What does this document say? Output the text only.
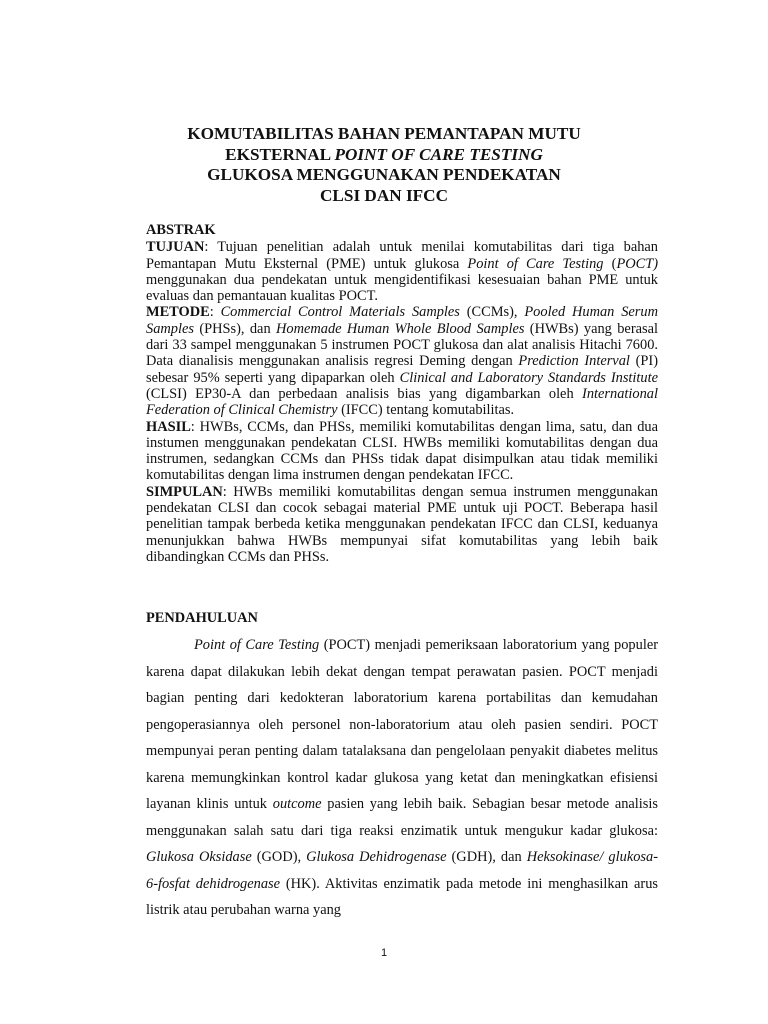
KOMUTABILITAS BAHAN PEMANTAPAN MUTU
EKSTERNAL POINT OF CARE TESTING
GLUKOSA MENGGUNAKAN PENDEKATAN
CLSI DAN IFCC

ABSTRAK

TUJUAN: Tujuan penelitian adalah untuk menilai komutabilitas dari tiga bahan Pemantapan Mutu Eksternal (PME) untuk glukosa Point of Care Testing (POCT) menggunakan dua pendekatan untuk mengidentifikasi kesesuaian bahan PME untuk evaluas dan pemantauan kualitas POCT.

METODE: Commercial Control Materials Samples (CCMs), Pooled Human Serum Samples (PHSs), dan Homemade Human Whole Blood Samples (HWBs) yang berasal dari 33 sampel menggunakan 5 instrumen POCT glukosa dan alat analisis Hitachi 7600. Data dianalisis menggunakan analisis regresi Deming dengan Prediction Interval (PI) sebesar 95% seperti yang dipaparkan oleh Clinical and Laboratory Standards Institute (CLSI) EP30-A dan perbedaan analisis bias yang digambarkan oleh International Federation of Clinical Chemistry (IFCC) tentang komutabilitas.

HASIL: HWBs, CCMs, dan PHSs, memiliki komutabilitas dengan lima, satu, dan dua instumen menggunakan pendekatan CLSI. HWBs memiliki komutabilitas dengan dua instrumen, sedangkan CCMs dan PHSs tidak dapat disimpulkan atau tidak memiliki komutabilitas dengan lima instrumen dengan pendekatan IFCC.

SIMPULAN: HWBs memiliki komutabilitas dengan semua instrumen menggunakan pendekatan CLSI dan cocok sebagai material PME untuk uji POCT. Beberapa hasil penelitian tampak berbeda ketika menggunakan pendekatan IFCC dan CLSI, keduanya menunjukkan bahwa HWBs mempunyai sifat komutabilitas yang lebih baik dibandingkan CCMs dan PHSs.

PENDAHULUAN

Point of Care Testing (POCT) menjadi pemeriksaan laboratorium yang populer karena dapat dilakukan lebih dekat dengan tempat perawatan pasien. POCT menjadi bagian penting dari kedokteran laboratorium karena portabilitas dan kemudahan pengoperasiannya oleh personel non-laboratorium atau oleh pasien sendiri. POCT mempunyai peran penting dalam tatalaksana dan pengelolaan penyakit diabetes melitus karena memungkinkan kontrol kadar glukosa yang ketat dan meningkatkan efisiensi layanan klinis untuk outcome pasien yang lebih baik. Sebagian besar metode analisis menggunakan salah satu dari tiga reaksi enzimatik untuk mengukur kadar glukosa: Glukosa Oksidase (GOD), Glukosa Dehidrogenase (GDH), dan Heksokinase/ glukosa-6-fosfat dehidrogenase (HK). Aktivitas enzimatik pada metode ini menghasilkan arus listrik atau perubahan warna yang

1
